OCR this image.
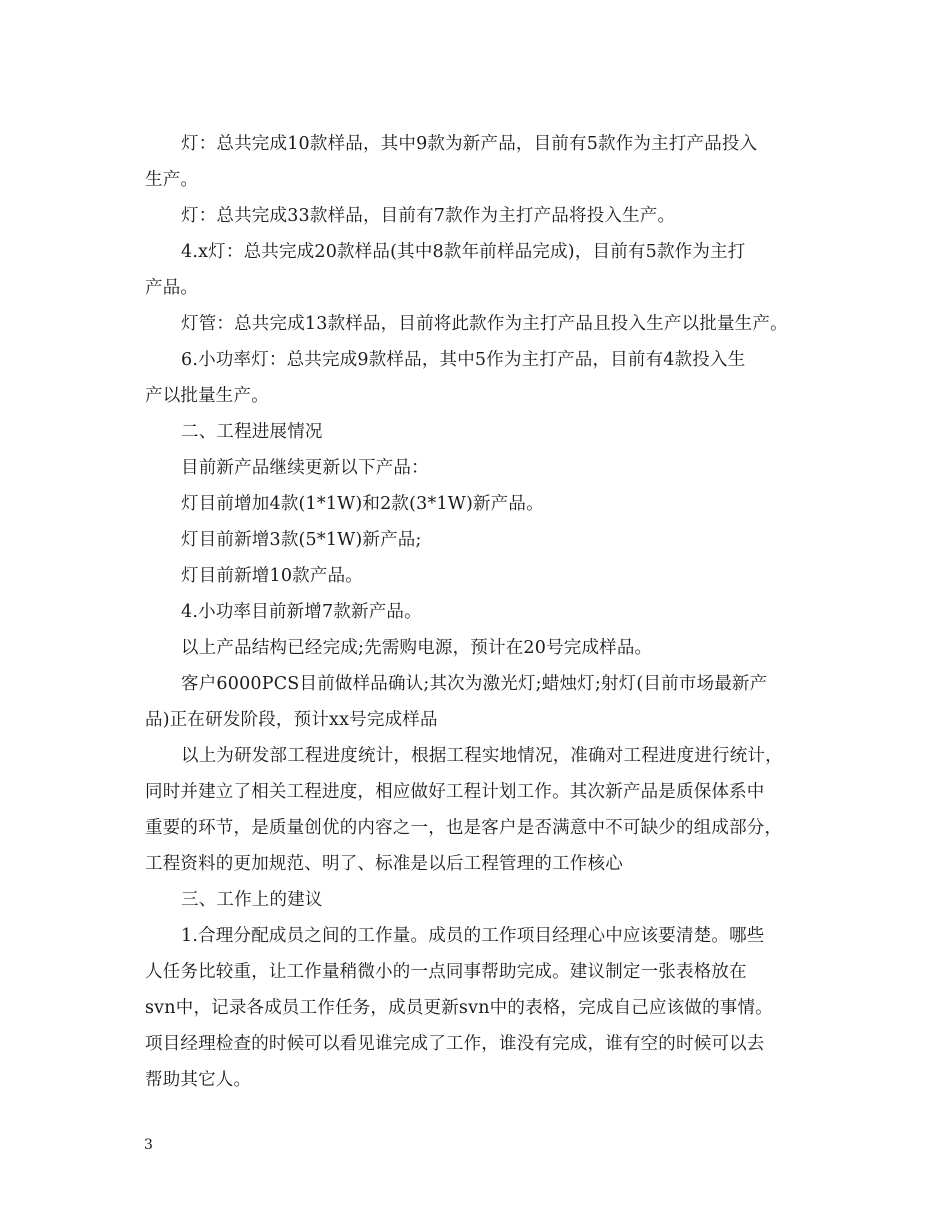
灯：总共完成10款样品，其中9款为新产品，目前有5款作为主打产品投入
生产。
灯：总共完成33款样品，目前有7款作为主打产品将投入生产。
4.x灯：总共完成20款样品(其中8款年前样品完成)，目前有5款作为主打
产品。
灯管：总共完成13款样品，目前将此款作为主打产品且投入生产以批量生产。
6.小功率灯：总共完成9款样品，其中5作为主打产品，目前有4款投入生
产以批量生产。
二、工程进展情况
目前新产品继续更新以下产品：
灯目前增加4款(1*1W)和2款(3*1W)新产品。
灯目前新增3款(5*1W)新产品;
灯目前新增10款产品。
4.小功率目前新增7款新产品。
以上产品结构已经完成;先需购电源，预计在20号完成样品。
客户6000PCS目前做样品确认;其次为激光灯;蜡烛灯;射灯(目前市场最新产
品)正在研发阶段，预计xx号完成样品
以上为研发部工程进度统计，根据工程实地情况，准确对工程进度进行统计，
同时并建立了相关工程进度，相应做好工程计划工作。其次新产品是质保体系中
重要的环节，是质量创优的内容之一，也是客户是否满意中不可缺少的组成部分，
工程资料的更加规范、明了、标准是以后工程管理的工作核心
三、工作上的建议
1.合理分配成员之间的工作量。成员的工作项目经理心中应该要清楚。哪些
人任务比较重，让工作量稍微小的一点同事帮助完成。建议制定一张表格放在
svn中，记录各成员工作任务，成员更新svn中的表格，完成自己应该做的事情。
项目经理检查的时候可以看见谁完成了工作，谁没有完成，谁有空的时候可以去
帮助其它人。
3
